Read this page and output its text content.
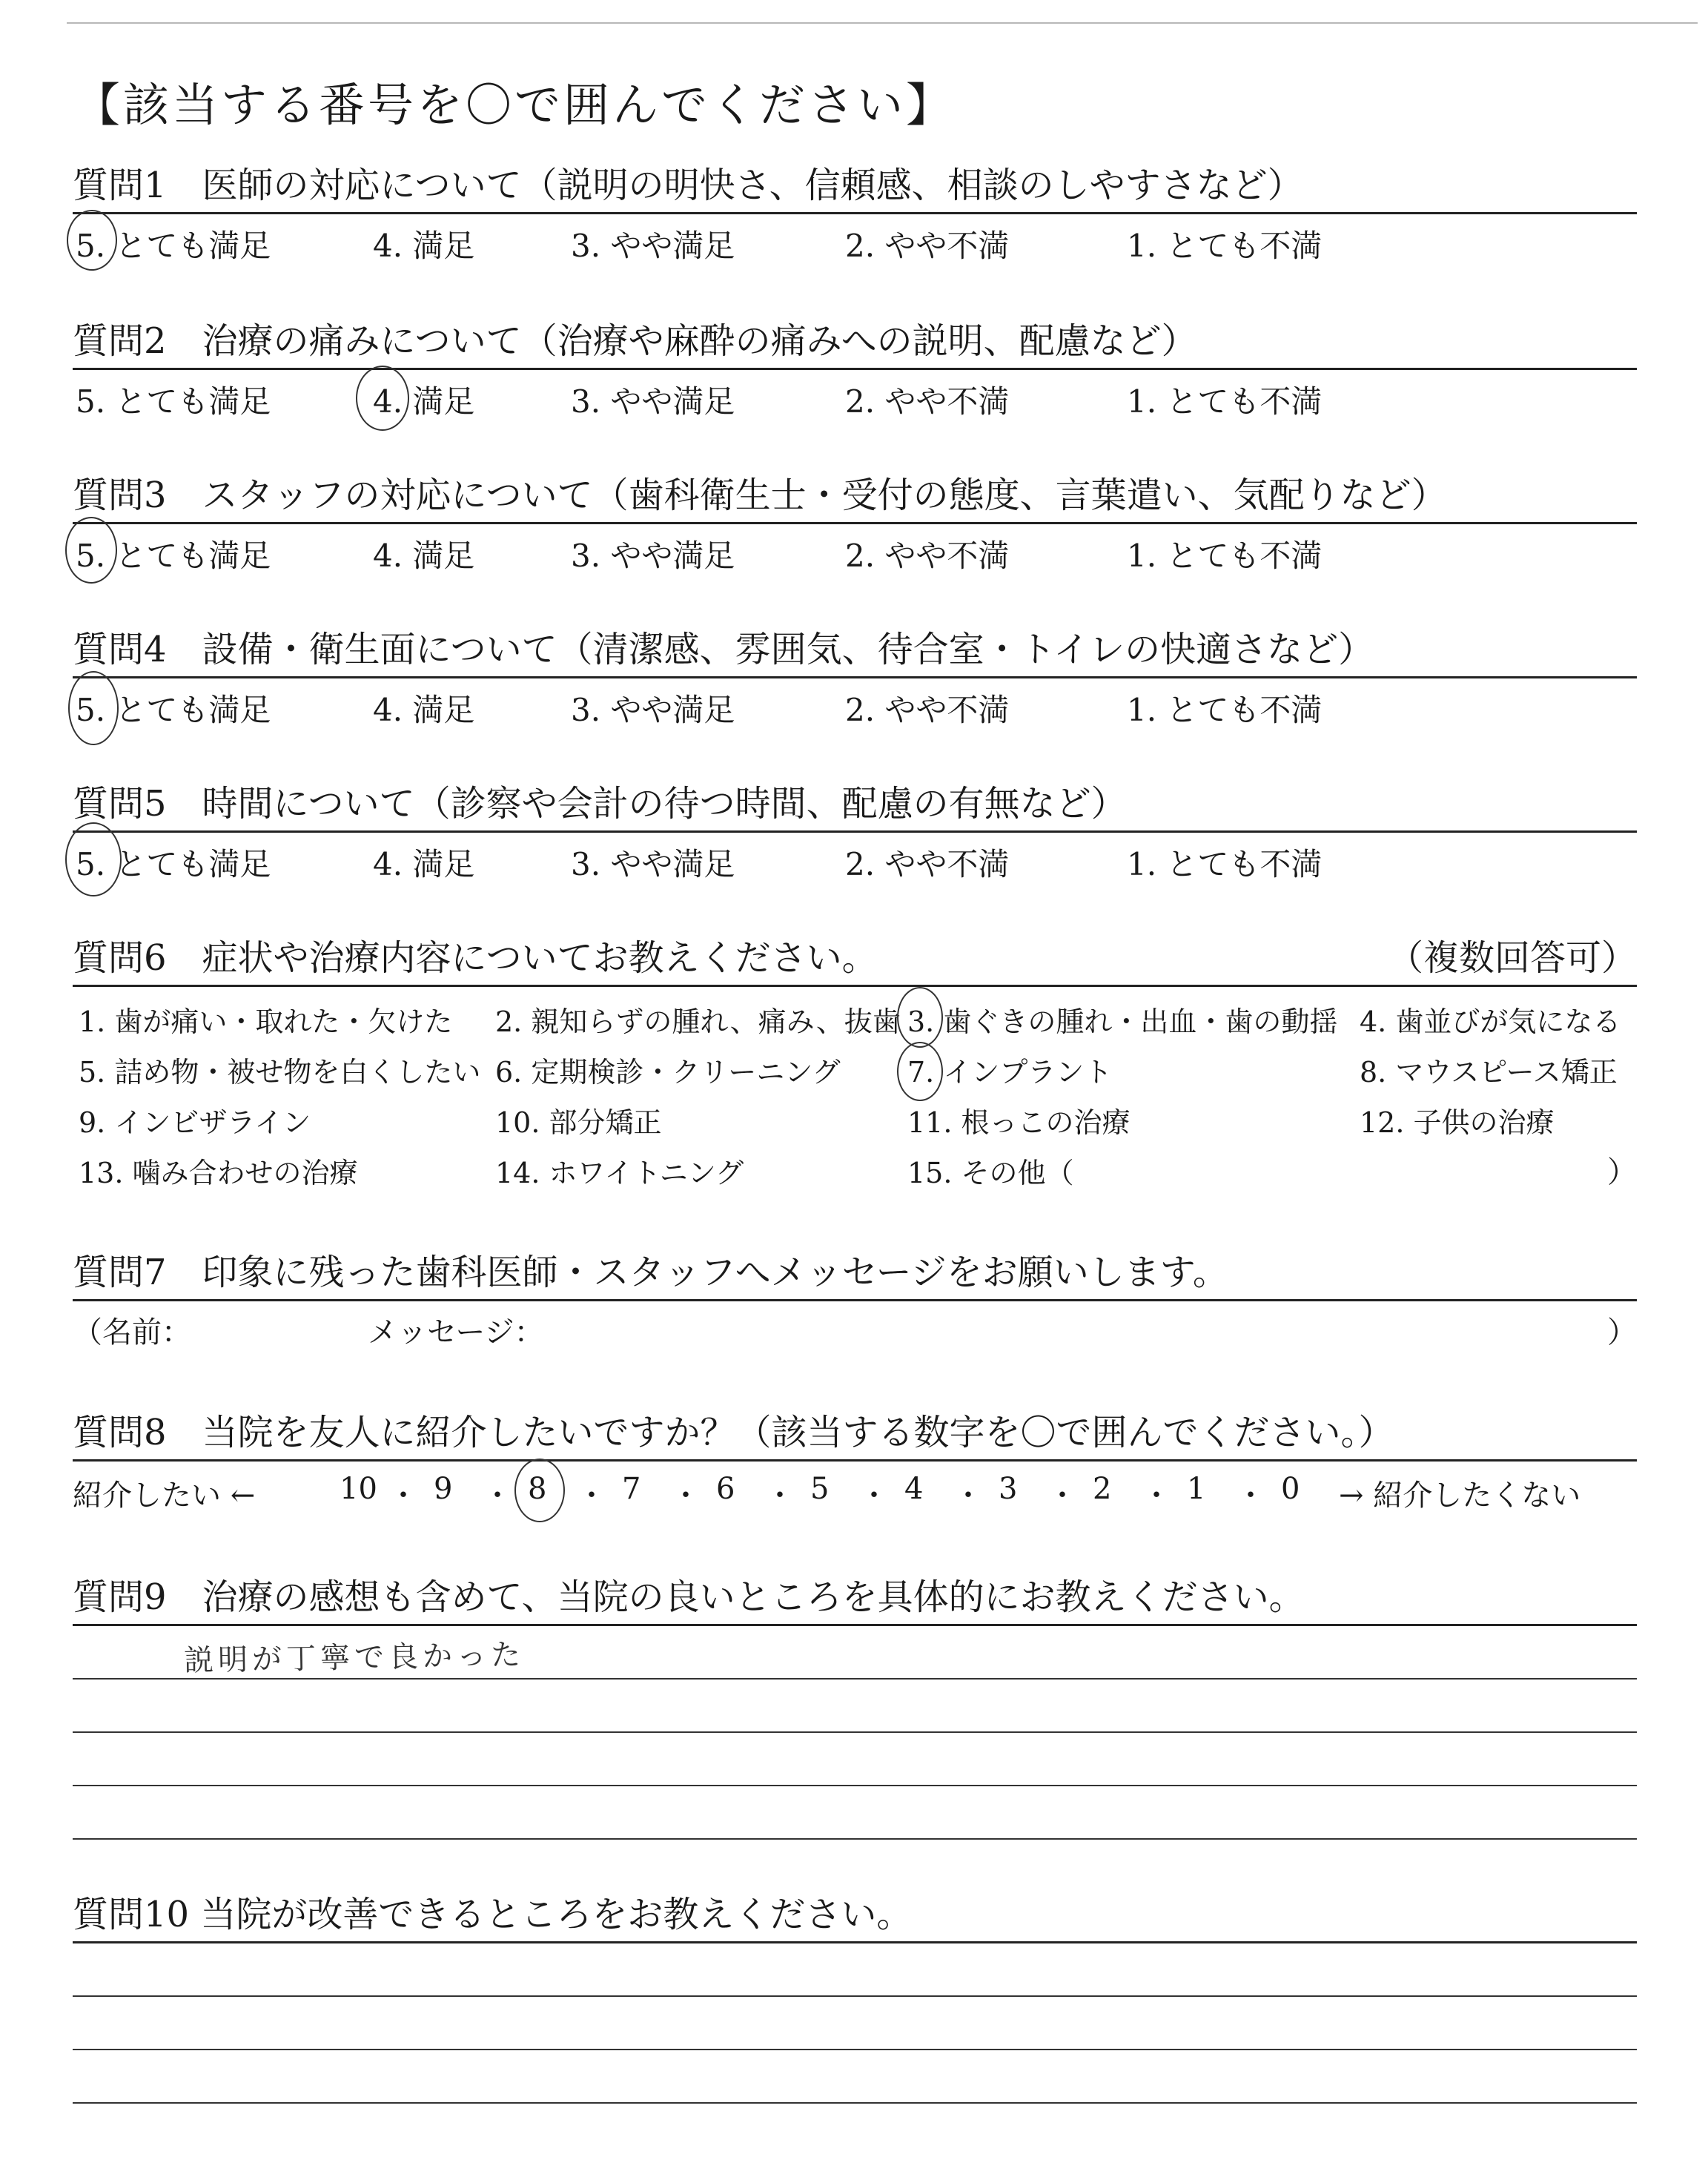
【該当する番号を〇で囲んでください】
質問1　医師の対応について（説明の明快さ、信頼感、相談のしやすさなど）
5. とても満足	4. 満足	3. やや満足	2. やや不満	1. とても不満
質問2　治療の痛みについて（治療や麻酔の痛みへの説明、配慮など）
5. とても満足	4. 満足	3. やや満足	2. やや不満	1. とても不満
質問3　スタッフの対応について（歯科衛生士・受付の態度、言葉遣い、気配りなど）
5. とても満足	4. 満足	3. やや満足	2. やや不満	1. とても不満
質問4　設備・衛生面について（清潔感、雰囲気、待合室・トイレの快適さなど）
5. とても満足	4. 満足	3. やや満足	2. やや不満	1. とても不満
質問5　時間について（診察や会計の待つ時間、配慮の有無など）
5. とても満足	4. 満足	3. やや満足	2. やや不満	1. とても不満
質問6　症状や治療内容についてお教えください。	（複数回答可）
1. 歯が痛い・取れた・欠けた 2. 親知らずの腫れ、痛み、抜歯 3. 歯ぐきの腫れ・出血・歯の動揺 4. 歯並びが気になる
5. 詰め物・被せ物を白くしたい 6. 定期検診・クリーニング 7. インプラント	8. マウスピース矯正
9. インビザライン	10. 部分矯正	11. 根っこの治療	12. 子供の治療
13. 噛み合わせの治療	14. ホワイトニング	15. その他（	）
質問7　印象に残った歯科医師・スタッフへメッセージをお願いします。
（名前：	メッセージ：	）
質問8　当院を友人に紹介したいですか？（該当する数字を〇で囲んでください。）
紹介したい ←	→ 紹介したくない
10 ・ 9 ・ 8 ・ 7 ・ 6 ・ 5 ・ 4 ・ 3 ・ 2 ・ 1 ・ 0
質問9　治療の感想も含めて、当院の良いところを具体的にお教えください。
説明が丁寧で良かった
質問10 当院が改善できるところをお教えください。
